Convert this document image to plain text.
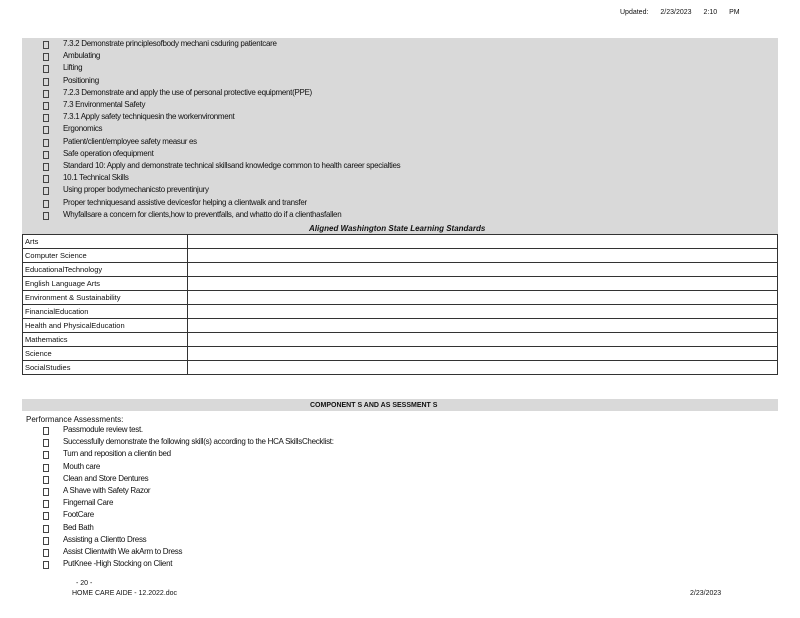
Updated: 2/23/2023 2:10 PM
7.3.2 Demonstrate principlesofbody mechani csduring patientcare
Ambulating
Lifting
Positioning
7.2.3 Demonstrate and apply the use of personal protective equipment(PPE)
7.3 Environmental Safety
7.3.1 Apply safety techniquesin the workenvironment
Ergonomics
Patient/client/employee safety measur es
Safe operation ofequipment
Standard 10: Apply and demonstrate technical skillsand knowledge common to health career specialties
10.1 Technical Skills
Using proper bodymechanicsto preventinjury
Proper techniquesand assistive devicesfor helping a clientwalk and transfer
Whyfallsare a concern for clients,how to preventfalls, and whatto do if a clienthasfallen
Aligned Washington State Learning Standards
Arts	
Computer Science	
EducationalTechnology	
English Language Arts	
Environment & Sustainability	
FinancialEducation	
Health and PhysicalEducation	
Mathematics	
Science	
SocialStudies	
COMPONENT S AND AS SESSMENT S
Performance Assessments:
Passmodule review test.
Successfully demonstrate the following skill(s) according to the HCA SkillsChecklist:
Turn and reposition a clientin bed
Mouth care
Clean and Store Dentures
A Shave with Safety Razor
Fingernail Care
FootCare
Bed Bath
Assisting a Clientto Dress
Assist Clientwith We akArm to Dress
PutKnee -High Stocking on Client
- 20 -
HOME CARE AIDE - 12.2022.doc	2/23/2023
